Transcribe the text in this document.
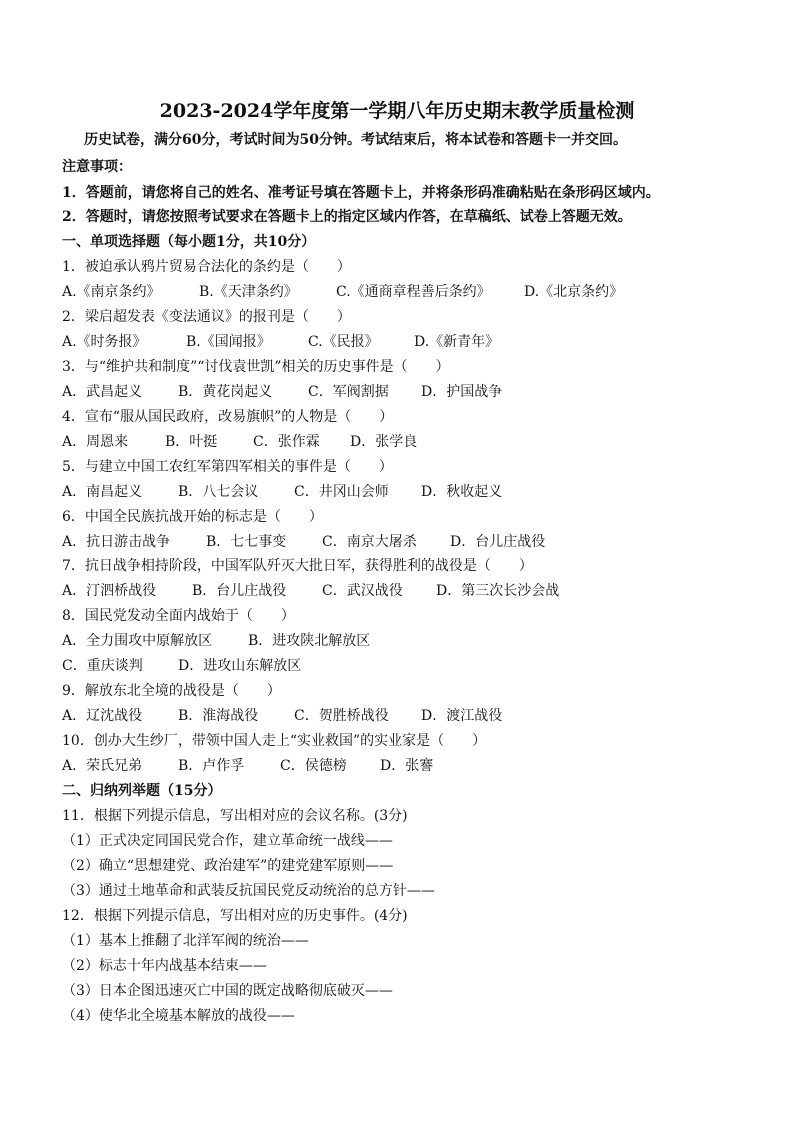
2023-2024学年度第一学期八年历史期末教学质量检测
历史试卷，满分60分，考试时间为50分钟。考试结束后，将本试卷和答题卡一并交回。
注意事项：
1．答题前，请您将自己的姓名、准考证号填在答题卡上，并将条形码准确粘贴在条形码区域内。
2．答题时，请您按照考试要求在答题卡上的指定区域内作答，在草稿纸、试卷上答题无效。
一、单项选择题（每小题1分，共10分）
1．被迫承认鸦片贸易合法化的条约是（　　）
A.《南京条约》	B.《天津条约》	C.《通商章程善后条约》 D.《北京条约》
2．梁启超发表《变法通议》的报刊是（　　）
A.《时务报》	B.《国闻报》	C.《民报》	D.《新青年》
3．与“维护共和制度”“讨伐袁世凯”相关的历史事件是（　　）
A．武昌起义	B．黄花岗起义	C．军阀割据 D．护国战争
4．宣布“服从国民政府，改易旗帜”的人物是（　　）
A．周恩来	B．叶挺	C．张作霖 D．张学良
5．与建立中国工农红军第四军相关的事件是（　　）
A．南昌起义	B．八七会议	C．井冈山会师 D．秋收起义
6．中国全民族抗战开始的标志是（　　）
A．抗日游击战争	B．七七事变	C．南京大屠杀 D．台儿庄战役
7．抗日战争相持阶段，中国军队歼灭大批日军，获得胜利的战役是（　　）
A．汀泗桥战役	B．台儿庄战役	C．武汉战役 D．第三次长沙会战
8．国民党发动全面内战始于（　　）
A．全力围攻中原解放区	B．进攻陕北解放区
C．重庆谈判	D．进攻山东解放区
9．解放东北全境的战役是（　　）
A．辽沈战役	B．淮海战役	C．贺胜桥战役 D．渡江战役
10．创办大生纱厂，带领中国人走上“实业救国”的实业家是（　　）
A．荣氏兄弟	B．卢作孚	C．侯德榜 D．张謇
二、归纳列举题（15分）
11．根据下列提示信息，写出相对应的会议名称。(3分)
（1）正式决定同国民党合作，建立革命统一战线——
（2）确立“思想建党、政治建军”的建党建军原则——
（3）通过土地革命和武装反抗国民党反动统治的总方针——
12．根据下列提示信息，写出相对应的历史事件。(4分)
（1）基本上推翻了北洋军阀的统治——
（2）标志十年内战基本结束——
（3）日本企图迅速灭亡中国的既定战略彻底破灭——
（4）使华北全境基本解放的战役——
